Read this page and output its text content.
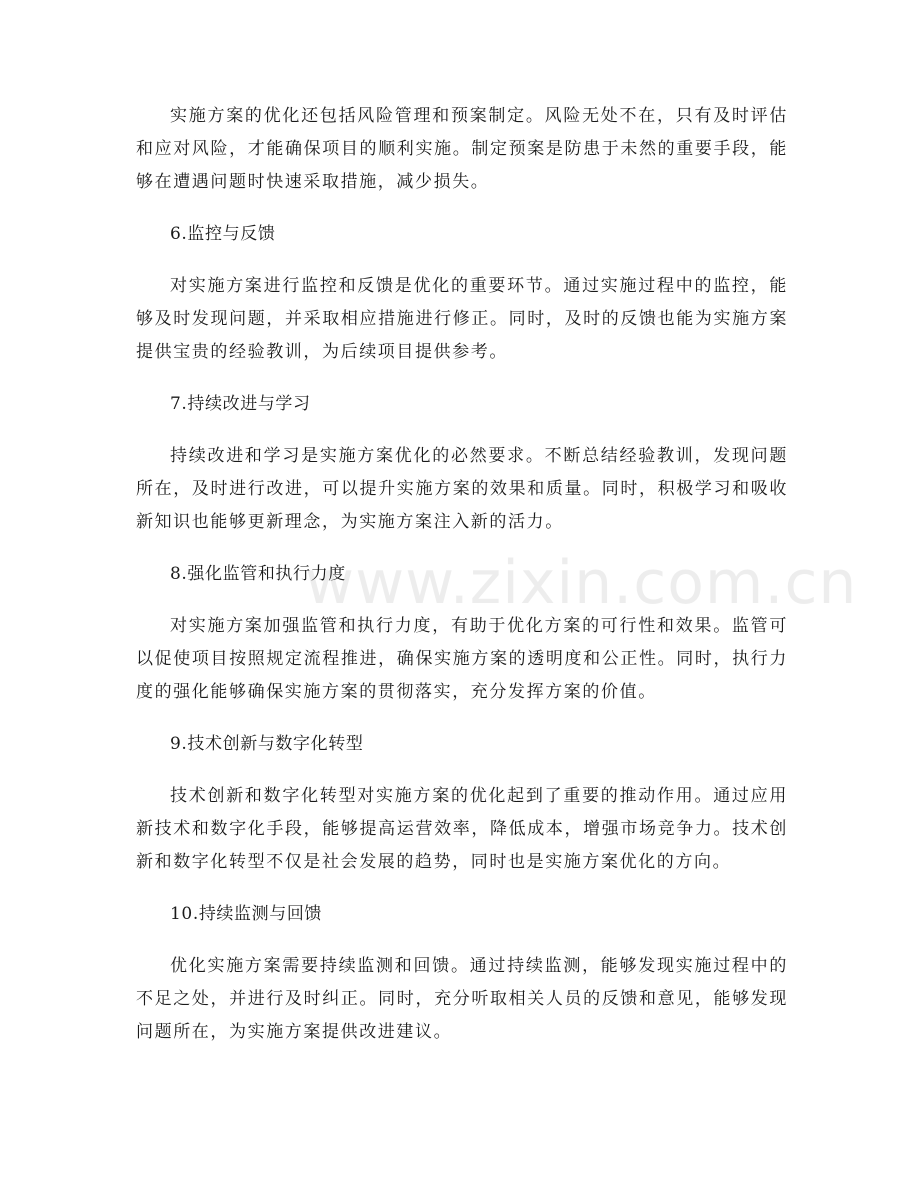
实施方案的优化还包括风险管理和预案制定。风险无处不在，只有及时评估和应对风险，才能确保项目的顺利实施。制定预案是防患于未然的重要手段，能够在遭遇问题时快速采取措施，减少损失。

6.监控与反馈

对实施方案进行监控和反馈是优化的重要环节。通过实施过程中的监控，能够及时发现问题，并采取相应措施进行修正。同时，及时的反馈也能为实施方案提供宝贵的经验教训，为后续项目提供参考。

7.持续改进与学习

持续改进和学习是实施方案优化的必然要求。不断总结经验教训，发现问题所在，及时进行改进，可以提升实施方案的效果和质量。同时，积极学习和吸收新知识也能够更新理念，为实施方案注入新的活力。

8.强化监管和执行力度

对实施方案加强监管和执行力度，有助于优化方案的可行性和效果。监管可以促使项目按照规定流程推进，确保实施方案的透明度和公正性。同时，执行力度的强化能够确保实施方案的贯彻落实，充分发挥方案的价值。

9.技术创新与数字化转型

技术创新和数字化转型对实施方案的优化起到了重要的推动作用。通过应用新技术和数字化手段，能够提高运营效率，降低成本，增强市场竞争力。技术创新和数字化转型不仅是社会发展的趋势，同时也是实施方案优化的方向。

10.持续监测与回馈

优化实施方案需要持续监测和回馈。通过持续监测，能够发现实施过程中的不足之处，并进行及时纠正。同时，充分听取相关人员的反馈和意见，能够发现问题所在，为实施方案提供改进建议。

www.zixin.com.cn
